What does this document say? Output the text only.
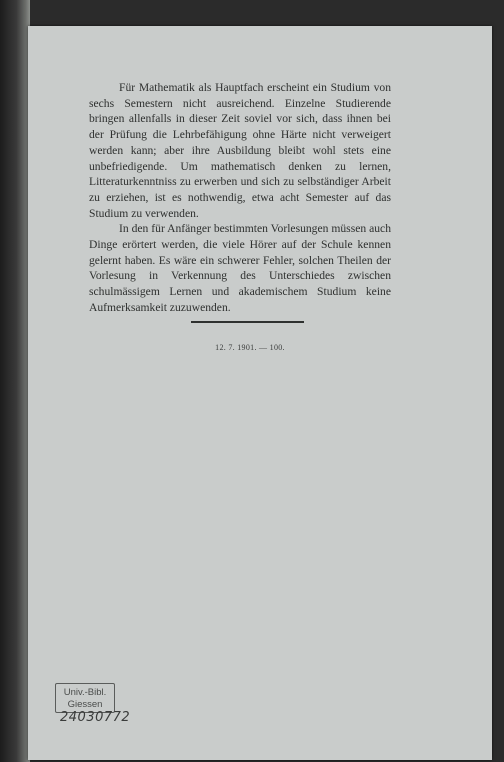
Für Mathematik als Hauptfach erscheint ein Studium von sechs Semestern nicht ausreichend. Einzelne Studierende bringen allenfalls in dieser Zeit soviel vor sich, dass ihnen bei der Prüfung die Lehrbefähigung ohne Härte nicht verweigert werden kann; aber ihre Ausbildung bleibt wohl stets eine unbefriedigende. Um mathematisch denken zu lernen, Litteraturkenntniss zu erwerben und sich zu selbständiger Arbeit zu erziehen, ist es nothwendig, etwa acht Semester auf das Studium zu verwenden.

In den für Anfänger bestimmten Vorlesungen müssen auch Dinge erörtert werden, die viele Hörer auf der Schule kennen gelernt haben. Es wäre ein schwerer Fehler, solchen Theilen der Vorlesung in Verkennung des Unterschiedes zwischen schulmässigem Lernen und akademischem Studium keine Aufmerksamkeit zuzuwenden.

12. 7. 1901. — 100.
Univ.-Bibl.
Giessen
24030772
